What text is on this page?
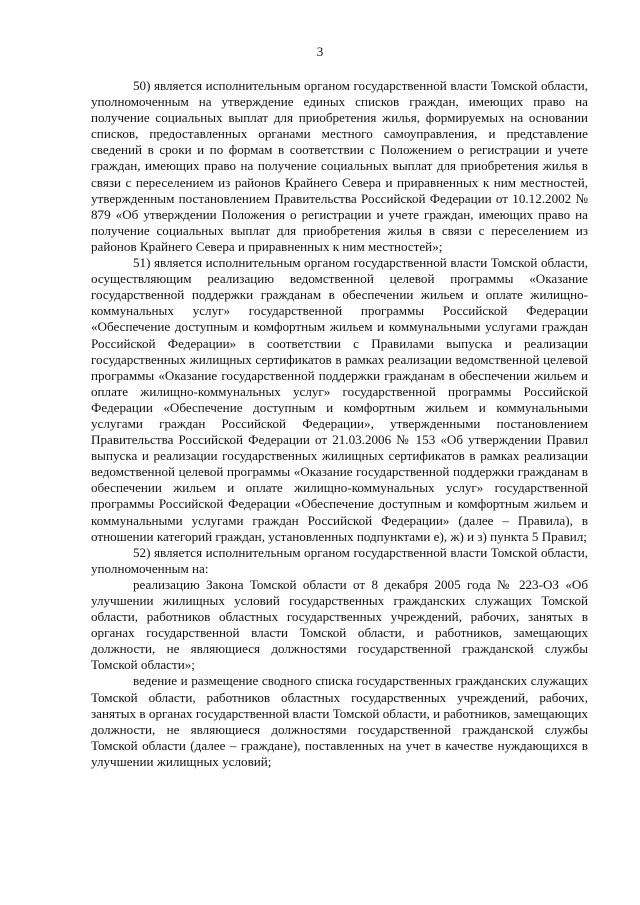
3

50) является исполнительным органом государственной власти Томской области, уполномоченным на утверждение единых списков граждан, имеющих право на получение социальных выплат для приобретения жилья, формируемых на основании списков, предоставленных органами местного самоуправления, и представление сведений в сроки и по формам в соответствии с Положением о регистрации и учете граждан, имеющих право на получение социальных выплат для приобретения жилья в связи с переселением из районов Крайнего Севера и приравненных к ним местностей, утвержденным постановлением Правительства Российской Федерации от 10.12.2002 № 879 «Об утверждении Положения о регистрации и учете граждан, имеющих право на получение социальных выплат для приобретения жилья в связи с переселением из районов Крайнего Севера и приравненных к ним местностей»;

51) является исполнительным органом государственной власти Томской области, осуществляющим реализацию ведомственной целевой программы «Оказание государственной поддержки гражданам в обеспечении жильем и оплате жилищно-коммунальных услуг» государственной программы Российской Федерации «Обеспечение доступным и комфортным жильем и коммунальными услугами граждан Российской Федерации» в соответствии с Правилами выпуска и реализации государственных жилищных сертификатов в рамках реализации ведомственной целевой программы «Оказание государственной поддержки гражданам в обеспечении жильем и оплате жилищно-коммунальных услуг» государственной программы Российской Федерации «Обеспечение доступным и комфортным жильем и коммунальными услугами граждан Российской Федерации», утвержденными постановлением Правительства Российской Федерации от 21.03.2006 № 153 «Об утверждении Правил выпуска и реализации государственных жилищных сертификатов в рамках реализации ведомственной целевой программы «Оказание государственной поддержки гражданам в обеспечении жильем и оплате жилищно-коммунальных услуг» государственной программы Российской Федерации «Обеспечение доступным и комфортным жильем и коммунальными услугами граждан Российской Федерации» (далее – Правила), в отношении категорий граждан, установленных подпунктами е), ж) и з) пункта 5 Правил;

52) является исполнительным органом государственной власти Томской области, уполномоченным на:

реализацию Закона Томской области от 8 декабря 2005 года № 223-ОЗ «Об улучшении жилищных условий государственных гражданских служащих Томской области, работников областных государственных учреждений, рабочих, занятых в органах государственной власти Томской области, и работников, замещающих должности, не являющиеся должностями государственной гражданской службы Томской области»;

ведение и размещение сводного списка государственных гражданских служащих Томской области, работников областных государственных учреждений, рабочих, занятых в органах государственной власти Томской области, и работников, замещающих должности, не являющиеся должностями государственной гражданской службы Томской области (далее – граждане), поставленных на учет в качестве нуждающихся в улучшении жилищных условий;
